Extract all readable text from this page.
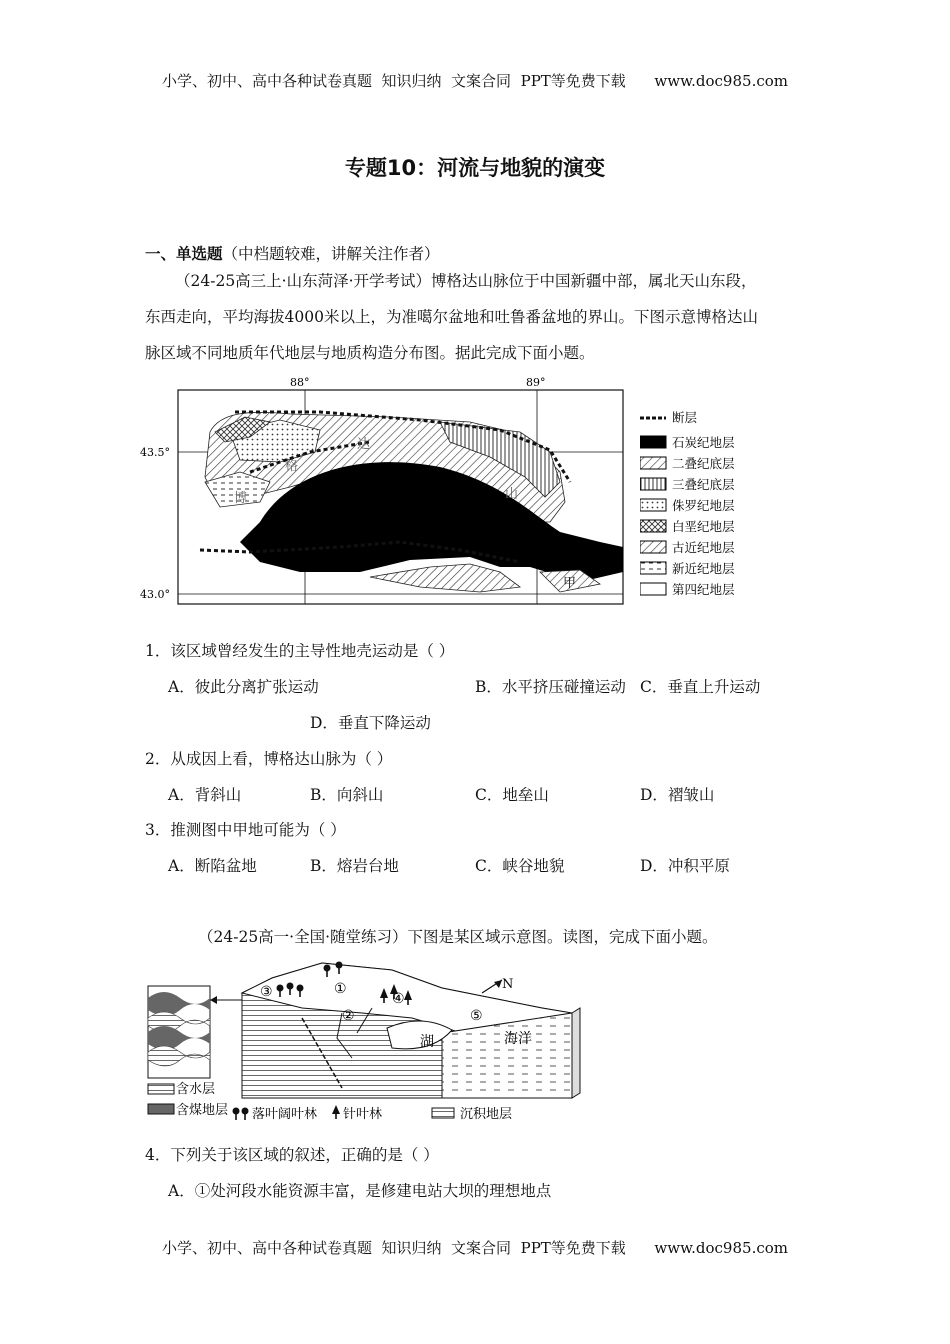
小学、初中、高中各种试卷真题  知识归纳  文案合同  PPT等免费下载      www.doc985.com
专题10：河流与地貌的演变
一、单选题（中档题较难，讲解关注作者）
（24-25高三上·山东菏泽·开学考试）博格达山脉位于中国新疆中部，属北天山东段，
东西走向，平均海拔4000米以上，为准噶尔盆地和吐鲁番盆地的界山。下图示意博格达山
脉区域不同地质年代地层与地质构造分布图。据此完成下面小题。
88°	89°
43.5°
43.0°
博
格
达
山
甲
断层
石炭纪地层
二叠纪底层
三叠纪底层
侏罗纪地层
白垩纪地层
古近纪地层
新近纪地层
第四纪地层
1．该区域曾经发生的主导性地壳运动是（ ）
A．彼此分离扩张运动	B．水平挤压碰撞运动 C．垂直上升运动
D．垂直下降运动
2．从成因上看，博格达山脉为（ ）
A．背斜山	B．向斜山	C．地垒山	D．褶皱山
3．推测图中甲地可能为（ ）
A．断陷盆地	B．熔岩台地	C．峡谷地貌	D．冲积平原
（24-25高一·全国·随堂练习）下图是某区域示意图。读图，完成下面小题。
③	①
②
④
⑤
N
湖	海洋
含水层
含煤地层 落叶阔叶林 针叶林	沉积地层
4．下列关于该区域的叙述，正确的是（ ）
A．①处河段水能资源丰富，是修建电站大坝的理想地点
小学、初中、高中各种试卷真题  知识归纳  文案合同  PPT等免费下载      www.doc985.com
